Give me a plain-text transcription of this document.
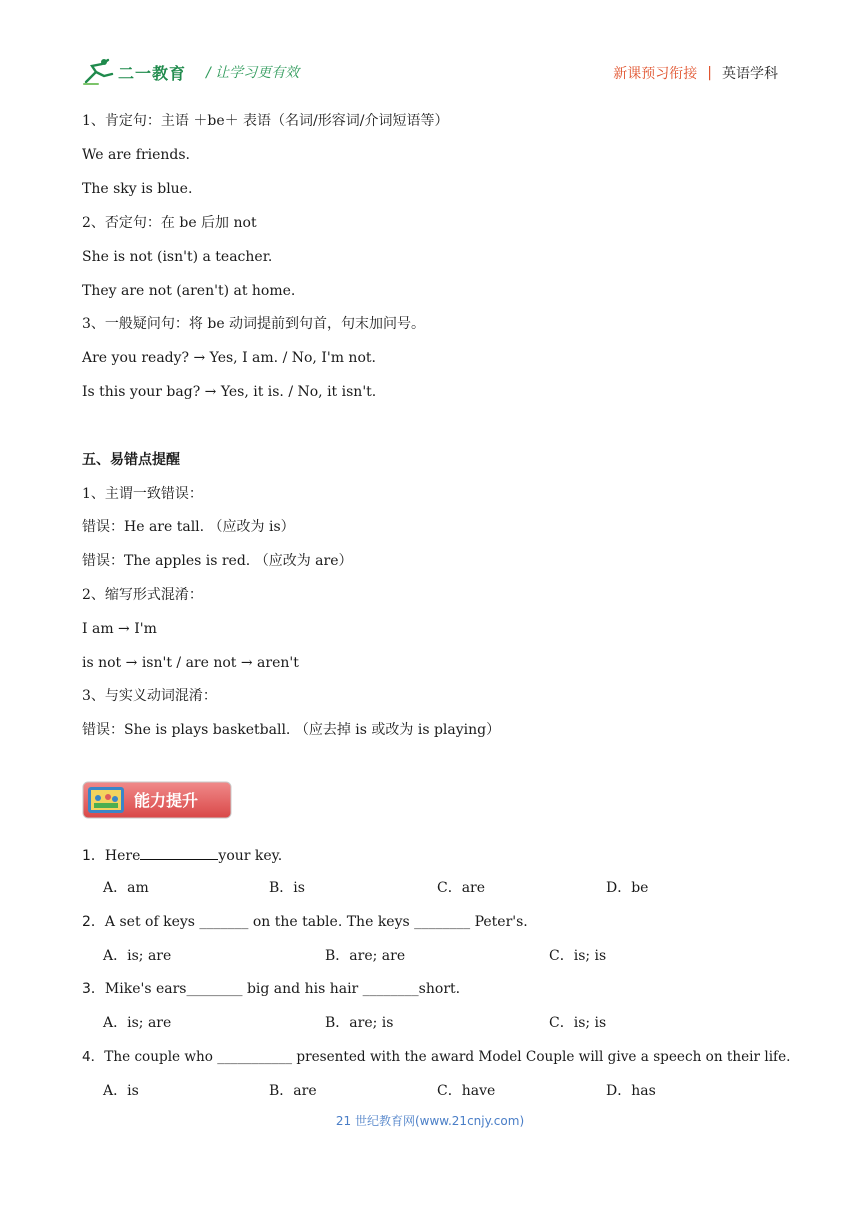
二一教育 / 让学习更有效	新课预习衔接 | 英语学科
1、肯定句：主语 ＋be＋ 表语（名词/形容词/介词短语等）
We are friends.
The sky is blue.
2、否定句：在 be 后加 not
She is not (isn't) a teacher.
They are not (aren't) at home.
3、一般疑问句：将 be 动词提前到句首，句末加问号。
Are you ready? → Yes, I am. / No, I'm not.
Is this your bag? → Yes, it is. / No, it isn't.
五、易错点提醒
1、主谓一致错误：
错误：He are tall. （应改为 is）
错误：The apples is red. （应改为 are）
2、缩写形式混淆：
I am → I'm
is not → isn't / are not → aren't
3、与实义动词混淆：
错误：She is plays basketball. （应去掉 is 或改为 is playing）
能力提升
1．Here	your key.
A．am	B．is	C．are	D．be
2．A set of keys _______ on the table. The keys ________ Peter's.
A．is; are	B．are; are	C．is; is
3．Mike's ears________ big and his hair ________short.
A．is; are	B．are; is	C．is; is
4．The couple who ___________ presented with the award Model Couple will give a speech on their life.
A．is	B．are	C．have	D．has
21 世纪教育网(www.21cnjy.com)
